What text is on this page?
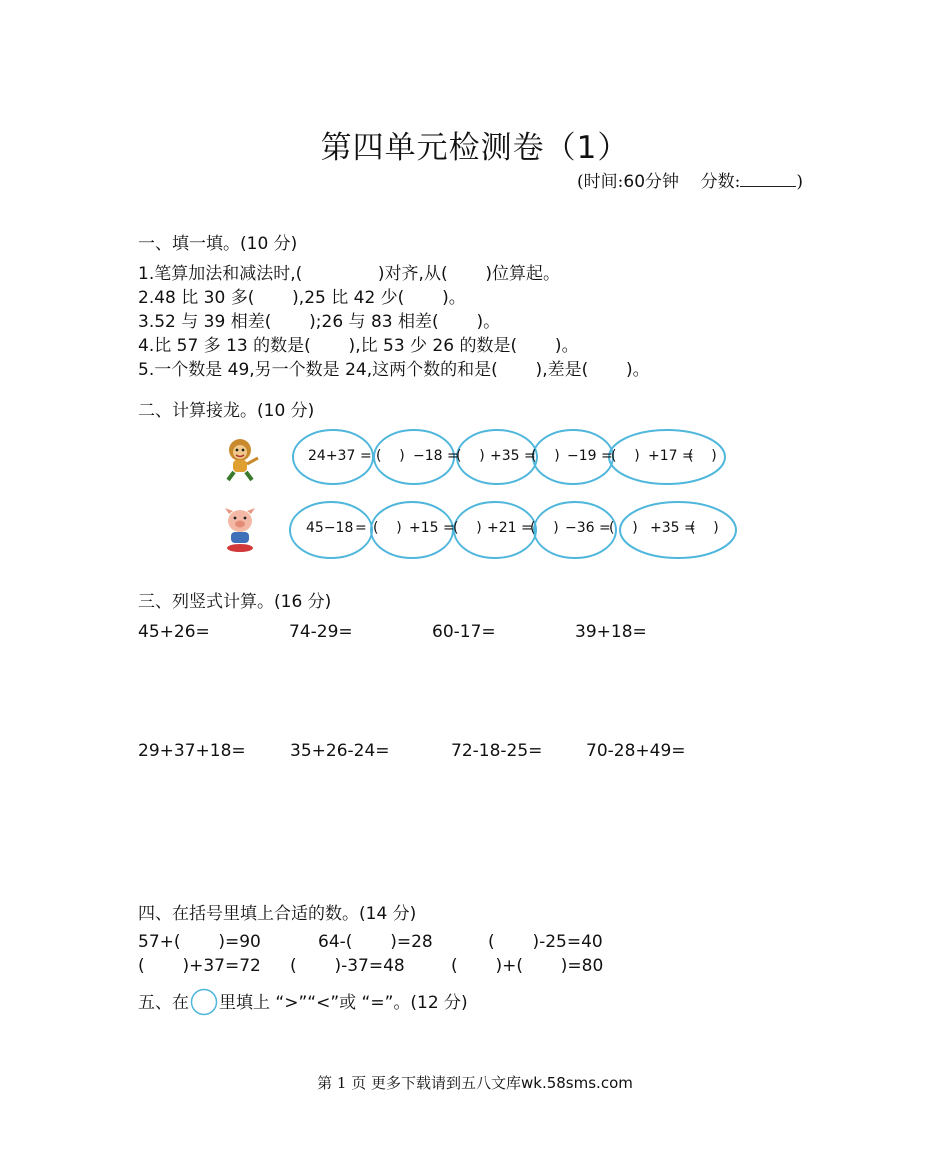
第四单元检测卷（1）
(时间:60分钟 分数:	)
一、填一填。(10 分)
1.笔算加法和减法时,(              )对齐,从(       )位算起。
2.48 比 30 多(       ),25 比 42 少(       )。
3.52 与 39 相差(       );26 与 83 相差(       )。
4.比 57 多 13 的数是(       ),比 53 少 26 的数是(       )。
5.一个数是 49,另一个数是 24,这两个数的和是(       ),差是(       )。
二、计算接龙。(10 分)
24+37 =	−18 = +35 = −19 =	+17 =
(    )	(    )	(    )	(    )	(    )
45−18 =	+15 = +21 = −36 =	+35 =
(    )	(    )	(    )	(    )	(    )
三、列竖式计算。(16 分)
45+26=	74-29=	60-17=	39+18=
29+37+18=	35+26-24=	72-18-25=	70-28+49=
四、在括号里填上合适的数。(14 分)
57+(       )=90	64-(       )=28	(       )-25=40
(       )+37=72 (       )-37=48	(       )+(       )=80
五、在 里填上 “>”“<”或 “=”。(12 分)
第 1 页 更多下载请到五八文库wk.58sms.com
